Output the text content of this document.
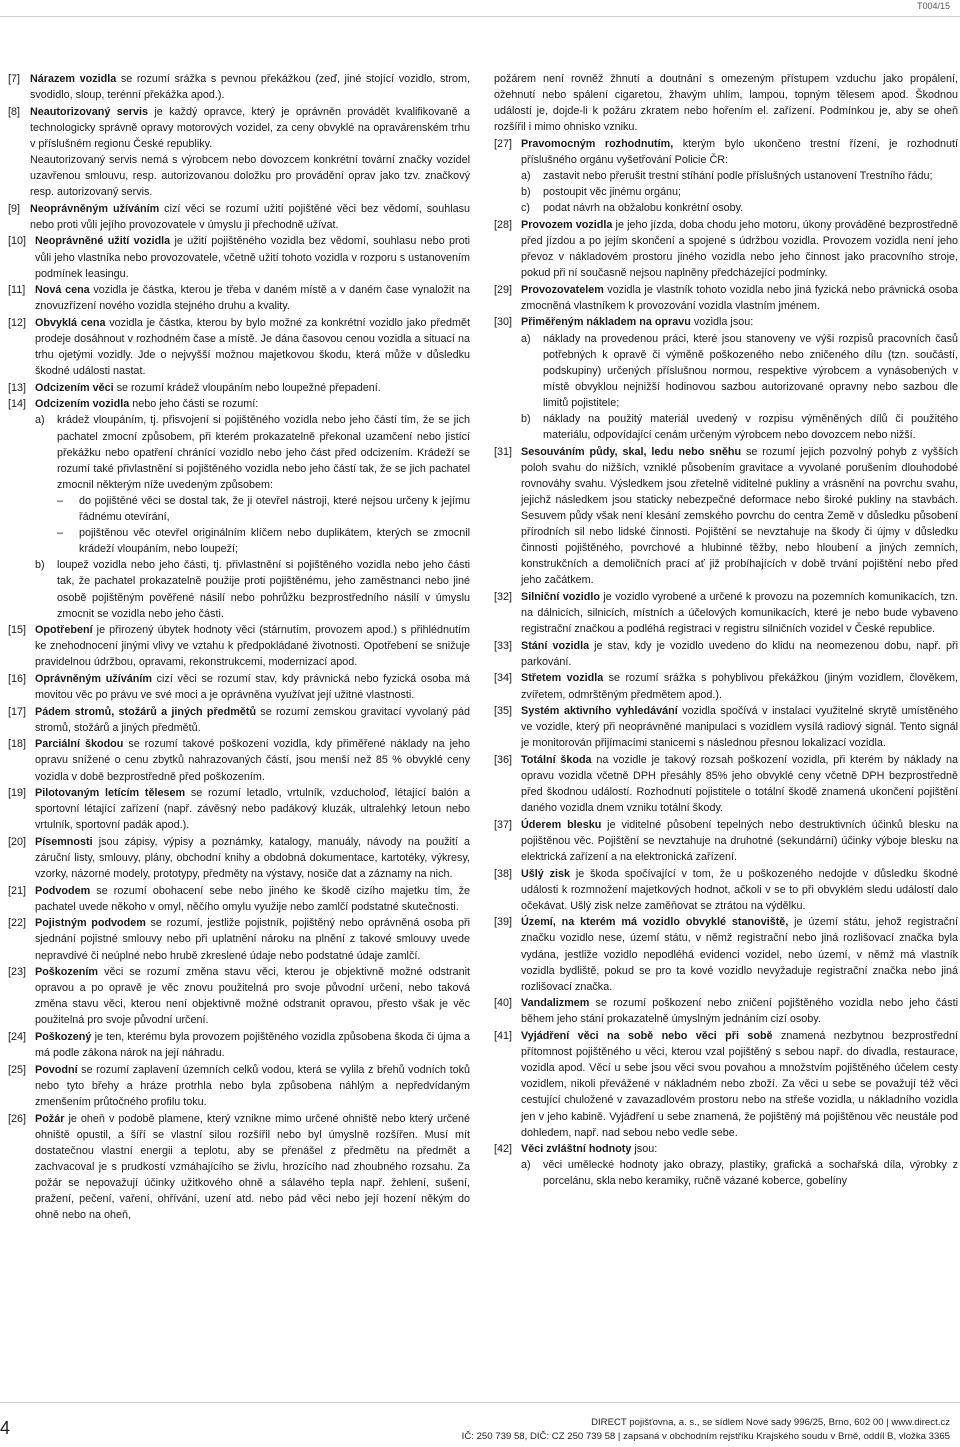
T004/15
[7] Nárazem vozidla se rozumí srážka s pevnou překážkou (zeď, jiné stojící vozidlo, strom, svodidlo, sloup, terénní překážka apod.).
[8] Neautorizovaný servis je každý opravce, který je oprávněn provádět kvalifikovaně a technologicky správně opravy motorových vozidel, za ceny obvyklé na opravárenském trhu v příslušném regionu České republiky.
Neautorizovaný servis nemá s výrobcem nebo dovozcem konkrétní tovární značky vozidel uzavřenou smlouvu, resp. autorizovanou doložku pro provádění oprav jako tzv. značkový resp. autorizovaný servis.
[9] Neoprávněným užíváním cizí věci se rozumí užití pojištěné věci bez vědomí, souhlasu nebo proti vůli jejího provozovatele v úmyslu ji přechodně užívat.
[10] Neoprávněné užití vozidla je užití pojištěného vozidla bez vědomí, souhlasu nebo proti vůli jeho vlastníka nebo provozovatele, včetně užití tohoto vozidla v rozporu s ustanovením podmínek leasingu.
[11] Nová cena vozidla je částka, kterou je třeba v daném místě a v daném čase vynaložit na znovuzřízení nového vozidla stejného druhu a kvality.
[12] Obvyklá cena vozidla je částka, kterou by bylo možné za konkrétní vozidlo jako předmět prodeje dosáhnout v rozhodném čase a místě. Je dána časovou cenou vozidla a situací na trhu ojetými vozidly. Jde o nejvyšší možnou majetkovou škodu, která může v důsledku škodné události nastat.
[13] Odcizením věci se rozumí krádež vloupáním nebo loupežné přepadení.
[14] Odcizením vozidla nebo jeho části se rozumí:
a) krádež vloupáním, tj. přisvojení si pojištěného vozidla nebo jeho částí tím, že se jich pachatel zmocní způsobem, při kterém prokazatelně překonal uzamčení nebo jistící překážku nebo opatření chránící vozidlo nebo jeho část před odcizením. Krádeží se rozumí také přivlastnění si pojištěného vozidla nebo jeho částí tak, že se jich pachatel zmocnil některým níže uvedeným způsobem:
– do pojištěné věci se dostal tak, že ji otevřel nástroji, které nejsou určeny k jejímu řádnému otevírání,
– pojištěnou věc otevřel originálním klíčem nebo duplikátem, kterých se zmocnil krádeží vloupáním, nebo loupeží;
b) loupež vozidla nebo jeho části, tj. přivlastnění si pojištěného vozidla nebo jeho části tak, že pachatel prokazatelně použije proti pojištěnému, jeho zaměstnanci nebo jiné osobě pojištěným pověřené násilí nebo pohrůžku bezprostředního násilí v úmyslu zmocnit se vozidla nebo jeho části.
[15] Opotřebení je přirozený úbytek hodnoty věci (stárnutím, provozem apod.) s přihlédnutím ke znehodnocení jinými vlivy ve vztahu k předpokládané životnosti. Opotřebení se snižuje pravidelnou údržbou, opravami, rekonstrukcemi, modernizací apod.
[16] Oprávněným užíváním cizí věci se rozumí stav, kdy právnická nebo fyzická osoba má movitou věc po právu ve své moci a je oprávněna využívat její užitné vlastnosti.
[17] Pádem stromů, stožárů a jiných předmětů se rozumí zemskou gravitací vyvolaný pád stromů, stožárů a jiných předmětů.
[18] Parciální škodou se rozumí takové poškození vozidla, kdy přiměřené náklady na jeho opravu snížené o cenu zbytků nahrazovaných částí, jsou menší než 85 % obvyklé ceny vozidla v době bezprostředně před poškozením.
[19] Pilotovaným letícím tělesem se rozumí letadlo, vrtulník, vzducholoď, létající balón a sportovní létající zařízení (např. závěsný nebo padákový kluzák, ultralehký letoun nebo vrtulník, sportovní padák apod.).
[20] Písemnosti jsou zápisy, výpisy a poznámky, katalogy, manuály, návody na použití a záruční listy, smlouvy, plány, obchodní knihy a obdobná dokumentace, kartotéky, výkresy, vzorky, názorné modely, prototypy, předměty na výstavy, nosiče dat a záznamy na nich.
[21] Podvodem se rozumí obohacení sebe nebo jiného ke škodě cizího majetku tím, že pachatel uvede někoho v omyl, něčího omylu využije nebo zamlčí podstatné skutečnosti.
[22] Pojistným podvodem se rozumí, jestliže pojistník, pojištěný nebo oprávněná osoba při sjednání pojistné smlouvy nebo při uplatnění nároku na plnění z takové smlouvy uvede nepravdivé či neúplné nebo hrubě zkreslené údaje nebo podstatné údaje zamlčí.
[23] Poškozením věci se rozumí změna stavu věci, kterou je objektivně možné odstranit opravou a po opravě je věc znovu použitelná pro svoje původní určení, nebo taková změna stavu věci, kterou není objektivně možné odstranit opravou, přesto však je věc použitelná pro svoje původní určení.
[24] Poškozený je ten, kterému byla provozem pojištěného vozidla způsobena škoda či újma a má podle zákona nárok na její náhradu.
[25] Povodní se rozumí zaplavení územních celků vodou, která se vylila z břehů vodních toků nebo tyto břehy a hráze protrhla nebo byla způsobena náhlým a nepředvídaným zmenšením průtočného profilu toku.
[26] Požár je oheň v podobě plamene, který vznikne mimo určené ohniště nebo který určené ohniště opustil, a šíří se vlastní silou rozšířil nebo byl úmyslně rozšířen. Musí mít dostatečnou vlastní energii a teplotu, aby se přenášel z předmětu na předmět a zachvacoval je s prudkostí vzmáhajícího se živlu, hrozícího nad zhoubného rozsahu. Za požár se nepovažují účinky užitkového ohně a sálavého tepla např. žehlení, sušení, pražení, pečení, vaření, ohřívání, uzení atd. nebo pád věci nebo její hození někým do ohně nebo na oheň,
požárem není rovněž žhnutí a doutnání s omezeným přístupem vzduchu jako propálení, ožehnutí nebo spálení cigaretou, žhavým uhlím, lampou, topným tělesem apod. Škodnou událostí je, dojde-li k požáru zkratem nebo hořením el. zařízení. Podmínkou je, aby se oheň rozšířil i mimo ohnisko vzniku.
[27] Pravomocným rozhodnutím, kterým bylo ukončeno trestní řízení, je rozhodnutí příslušného orgánu vyšetřování Policie ČR:
a) zastavit nebo přerušit trestní stíhání podle příslušných ustanovení Trestního řádu;
b) postoupit věc jinému orgánu;
c) podat návrh na obžalobu konkrétní osoby.
[28] Provozem vozidla je jeho jízda, doba chodu jeho motoru, úkony prováděné bezprostředně před jízdou a po jejím skončení a spojené s údržbou vozidla. Provozem vozidla není jeho převoz v nákladovém prostoru jiného vozidla nebo jeho činnost jako pracovního stroje, pokud při ní současně nejsou naplněny předcházející podmínky.
[29] Provozovatelem vozidla je vlastník tohoto vozidla nebo jiná fyzická nebo právnická osoba zmocněná vlastníkem k provozování vozidla vlastním jménem.
[30] Přiměřeným nákladem na opravu vozidla jsou:
a) náklady na provedenou práci, které jsou stanoveny ve výši rozpisů pracovních časů potřebných k opravě či výměně poškozeného nebo zničeného dílu (tzn. součástí, podskupiny) určených příslušnou normou, respektive výrobcem a vynásobených v místě obvyklou nejnižší hodinovou sazbou autorizované opravny nebo sazbou dle limitů pojistitele;
b) náklady na použitý materiál uvedený v rozpisu výměněných dílů či použitého materiálu, odpovídající cenám určeným výrobcem nebo dovozcem nebo nižší.
[31] Sesouváním půdy, skal, ledu nebo sněhu se rozumí jejich pozvolný pohyb z vyšších poloh svahu do nižších, vzniklé působením gravitace a vyvolané porušením dlouhodobé rovnováhy svahu. Výsledkem jsou zřetelně viditelné pukliny a vrásnění na povrchu svahu, jejichž následkem jsou staticky nebezpečné deformace nebo široké pukliny na stavbách. Sesuvem půdy však není klesání zemského povrchu do centra Země v důsledku působení přírodních sil nebo lidské činnosti. Pojištění se nevztahuje na škody či újmy v důsledku činnosti pojištěného, povrchové a hlubinné těžby, nebo hloubení a jiných zemních, konstrukčních a demoličních prací ať již probíhajících v době trvání pojištění nebo před jeho začátkem.
[32] Silniční vozidlo je vozidlo vyrobené a určené k provozu na pozemních komunikacích, tzn. na dálnicích, silnicích, místních a účelových komunikacích, které je nebo bude vybaveno registrační značkou a podléhá registraci v registru silničních vozidel v České republice.
[33] Stání vozidla je stav, kdy je vozidlo uvedeno do klidu na neomezenou dobu, např. při parkování.
[34] Střetem vozidla se rozumí srážka s pohyblivou překážkou (jiným vozidlem, člověkem, zvířetem, odmrštěným předmětem apod.).
[35] Systém aktivního vyhledávání vozidla spočívá v instalaci využitelné skrytě umístěného ve vozidle, který při neoprávněné manipulaci s vozidlem vysílá radiový signál. Tento signál je monitorován přijímacími stanicemi s následnou přesnou lokalizací vozidla.
[36] Totální škoda na vozidle je takový rozsah poškození vozidla, při kterém by náklady na opravu vozidla včetně DPH přesáhly 85% jeho obvyklé ceny včetně DPH bezprostředně před škodnou událostí. Rozhodnutí pojistitele o totální škodě znamená ukončení pojištění daného vozidla dnem vzniku totální škody.
[37] Úderem blesku je viditelné působení tepelných nebo destruktivních účinků blesku na pojištěnou věc. Pojištění se nevztahuje na druhotné (sekundární) účinky výboje blesku na elektrická zařízení a na elektronická zařízení.
[38] Ušlý zisk je škoda spočívající v tom, že u poškozeného nedojde v důsledku škodné události k rozmnožení majetkových hodnot, ačkoli v se to při obvyklém sledu událostí dalo očekávat. Ušlý zisk nelze zaměňovat se ztrátou na výdělku.
[39] Území, na kterém má vozidlo obvyklé stanoviště, je území státu, jehož registrační značku vozidlo nese, území státu, v němž registrační nebo jiná rozlišovací značka byla vydána, jestliže vozidlo nepodléhá evidenci vozidel, nebo území, v němž má vlastník vozidla bydliště, pokud se pro ta kové vozidlo nevyžaduje registrační značka nebo jiná rozlišovací značka.
[40] Vandalizmem se rozumí poškození nebo zničení pojištěného vozidla nebo jeho části během jeho stání prokazatelně úmyslným jednáním cizí osoby.
[41] Vyjádření věci na sobě nebo věci při sobě znamená nezbytnou bezprostřední přítomnost pojištěného u věci, kterou vzal pojištěný s sebou např. do divadla, restaurace, vozidla apod. Věcí u sebe jsou věci svou povahou a množstvím pojištěného účelem cesty vozidlem, nikoli převážené v nákladném nebo zboží. Za věci u sebe se považují též věci cestující chuložené v zavazadlovém prostoru nebo na střeše vozidla, u nákladního vozidla jen v jeho kabině. Vyjádření u sebe znamená, že pojištěný má pojištěnou věc neustále pod dohledem, např. nad sebou nebo vedle sebe.
[42] Věci zvláštní hodnoty jsou:
a) věci umělecké hodnoty jako obrazy, plastiky, grafická a sochařská díla, výrobky z porcelánu, skla nebo keramiky, ručně vázané koberce, gobelíny
4	DIRECT pojišťovna, a. s., se sídlem Nové sady 996/25, Brno, 602 00 | www.direct.cz
IČ: 250 739 58, DIČ: CZ 250 739 58 | zapsaná v obchodním rejstříku Krajského soudu v Brně, oddíl B, vložka 3365
